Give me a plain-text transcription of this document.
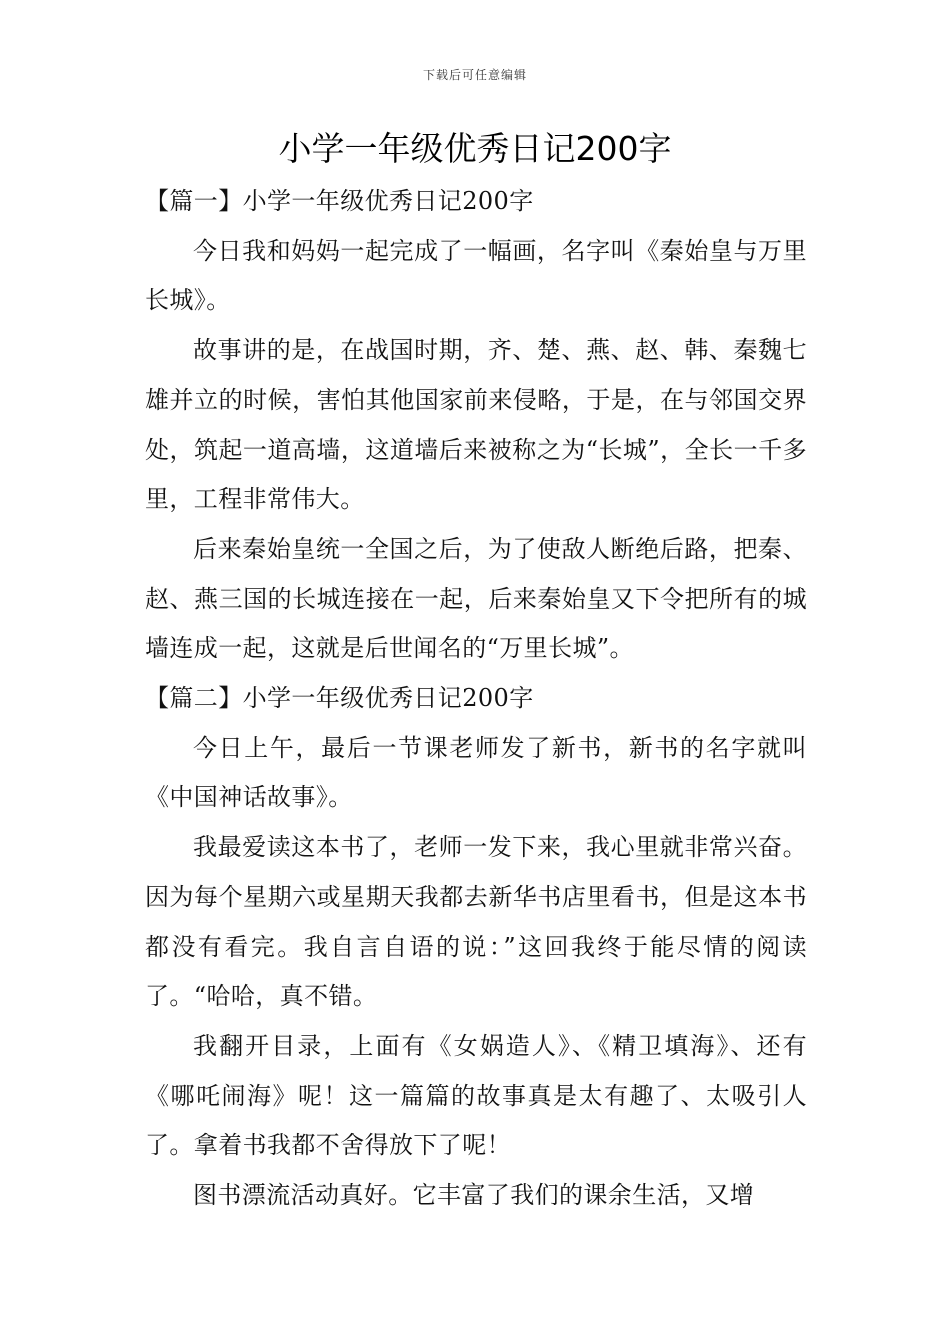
下载后可任意编辑
小学一年级优秀日记200字
【篇一】小学一年级优秀日记200字

今日我和妈妈一起完成了一幅画，名字叫《秦始皇与万里长城》。

故事讲的是，在战国时期，齐、楚、燕、赵、韩、秦魏七雄并立的时候，害怕其他国家前来侵略，于是，在与邻国交界处，筑起一道高墙，这道墙后来被称之为“长城”，全长一千多里，工程非常伟大。

后来秦始皇统一全国之后，为了使敌人断绝后路，把秦、赵、燕三国的长城连接在一起，后来秦始皇又下令把所有的城墙连成一起，这就是后世闻名的“万里长城”。

【篇二】小学一年级优秀日记200字

今日上午，最后一节课老师发了新书，新书的名字就叫《中国神话故事》。

我最爱读这本书了，老师一发下来，我心里就非常兴奋。因为每个星期六或星期天我都去新华书店里看书，但是这本书都没有看完。我自言自语的说：”这回我终于能尽情的阅读了。“哈哈，真不错。

我翻开目录，上面有《女娲造人》、《精卫填海》、还有《哪吒闹海》呢！这一篇篇的故事真是太有趣了、太吸引人了。拿着书我都不舍得放下了呢！

图书漂流活动真好。它丰富了我们的课余生活，又增
